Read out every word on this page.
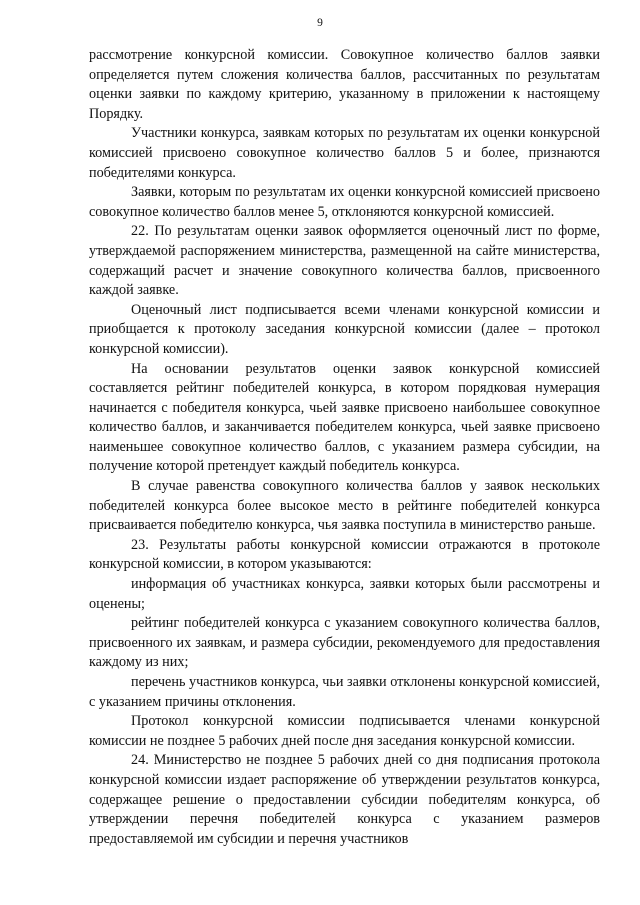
9

рассмотрение конкурсной комиссии. Совокупное количество баллов заявки определяется путем сложения количества баллов, рассчитанных по результатам оценки заявки по каждому критерию, указанному в приложении к настоящему Порядку.

Участники конкурса, заявкам которых по результатам их оценки конкурсной комиссией присвоено совокупное количество баллов 5 и более, признаются победителями конкурса.

Заявки, которым по результатам их оценки конкурсной комиссией присвоено совокупное количество баллов менее 5, отклоняются конкурсной комиссией.

22. По результатам оценки заявок оформляется оценочный лист по форме, утверждаемой распоряжением министерства, размещенной на сайте министерства, содержащий расчет и значение совокупного количества баллов, присвоенного каждой заявке.

Оценочный лист подписывается всеми членами конкурсной комиссии и приобщается к протоколу заседания конкурсной комиссии (далее – протокол конкурсной комиссии).

На основании результатов оценки заявок конкурсной комиссией составляется рейтинг победителей конкурса, в котором порядковая нумерация начинается с победителя конкурса, чьей заявке присвоено наибольшее совокупное количество баллов, и заканчивается победителем конкурса, чьей заявке присвоено наименьшее совокупное количество баллов, с указанием размера субсидии, на получение которой претендует каждый победитель конкурса.

В случае равенства совокупного количества баллов у заявок нескольких победителей конкурса более высокое место в рейтинге победителей конкурса присваивается победителю конкурса, чья заявка поступила в министерство раньше.

23. Результаты работы конкурсной комиссии отражаются в протоколе конкурсной комиссии, в котором указываются:

информация об участниках конкурса, заявки которых были рассмотрены и оценены;

рейтинг победителей конкурса с указанием совокупного количества баллов, присвоенного их заявкам, и размера субсидии, рекомендуемого для предоставления каждому из них;

перечень участников конкурса, чьи заявки отклонены конкурсной комиссией, с указанием причины отклонения.

Протокол конкурсной комиссии подписывается членами конкурсной комиссии не позднее 5 рабочих дней после дня заседания конкурсной комиссии.

24. Министерство не позднее 5 рабочих дней со дня подписания протокола конкурсной комиссии издает распоряжение об утверждении результатов конкурса, содержащее решение о предоставлении субсидии победителям конкурса, об утверждении перечня победителей конкурса с указанием размеров предоставляемой им субсидии и перечня участников
